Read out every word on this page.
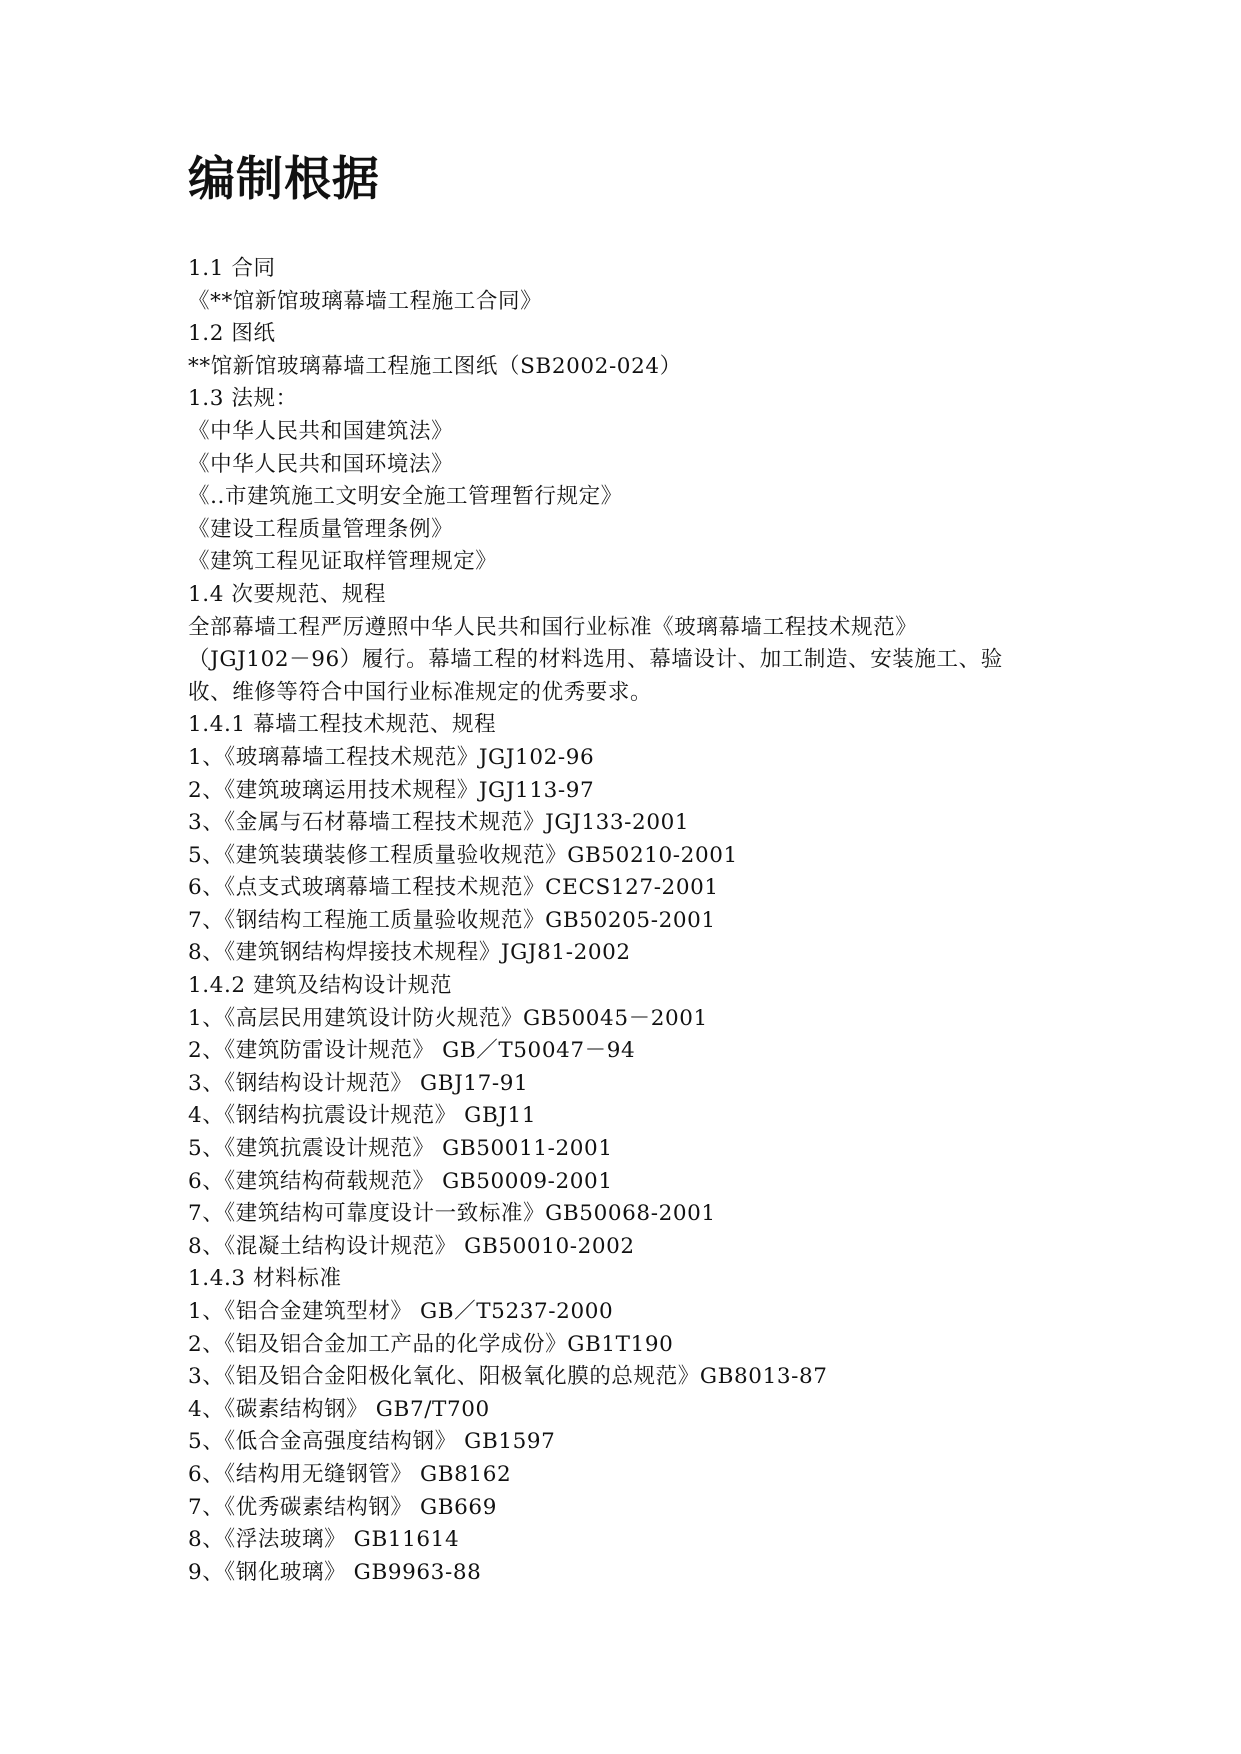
编制根据
1.1 合同
《**馆新馆玻璃幕墙工程施工合同》
1.2 图纸
**馆新馆玻璃幕墙工程施工图纸（SB2002-024）
1.3 法规：
《中华人民共和国建筑法》
《中华人民共和国环境法》
《..市建筑施工文明安全施工管理暂行规定》
《建设工程质量管理条例》
《建筑工程见证取样管理规定》
1.4 次要规范、规程
全部幕墙工程严厉遵照中华人民共和国行业标准《玻璃幕墙工程技术规范》
（JGJ102－96）履行。幕墙工程的材料选用、幕墙设计、加工制造、安装施工、验
收、维修等符合中国行业标准规定的优秀要求。
1.4.1 幕墙工程技术规范、规程
1、《玻璃幕墙工程技术规范》JGJ102-96
2、《建筑玻璃运用技术规程》JGJ113-97
3、《金属与石材幕墙工程技术规范》JGJ133-2001
5、《建筑装璜装修工程质量验收规范》GB50210-2001
6、《点支式玻璃幕墙工程技术规范》CECS127-2001
7、《钢结构工程施工质量验收规范》GB50205-2001
8、《建筑钢结构焊接技术规程》JGJ81-2002
1.4.2 建筑及结构设计规范
1、《高层民用建筑设计防火规范》GB50045－2001
2、《建筑防雷设计规范》 GB／T50047－94
3、《钢结构设计规范》 GBJ17-91
4、《钢结构抗震设计规范》 GBJ11
5、《建筑抗震设计规范》 GB50011-2001
6、《建筑结构荷载规范》 GB50009-2001
7、《建筑结构可靠度设计一致标准》GB50068-2001
8、《混凝土结构设计规范》 GB50010-2002
1.4.3 材料标准
1、《铝合金建筑型材》 GB／T5237-2000
2、《铝及铝合金加工产品的化学成份》GB1T190
3、《铝及铝合金阳极化氧化、阳极氧化膜的总规范》GB8013-87
4、《碳素结构钢》 GB7/T700
5、《低合金高强度结构钢》 GB1597
6、《结构用无缝钢管》 GB8162
7、《优秀碳素结构钢》 GB669
8、《浮法玻璃》 GB11614
9、《钢化玻璃》 GB9963-88
